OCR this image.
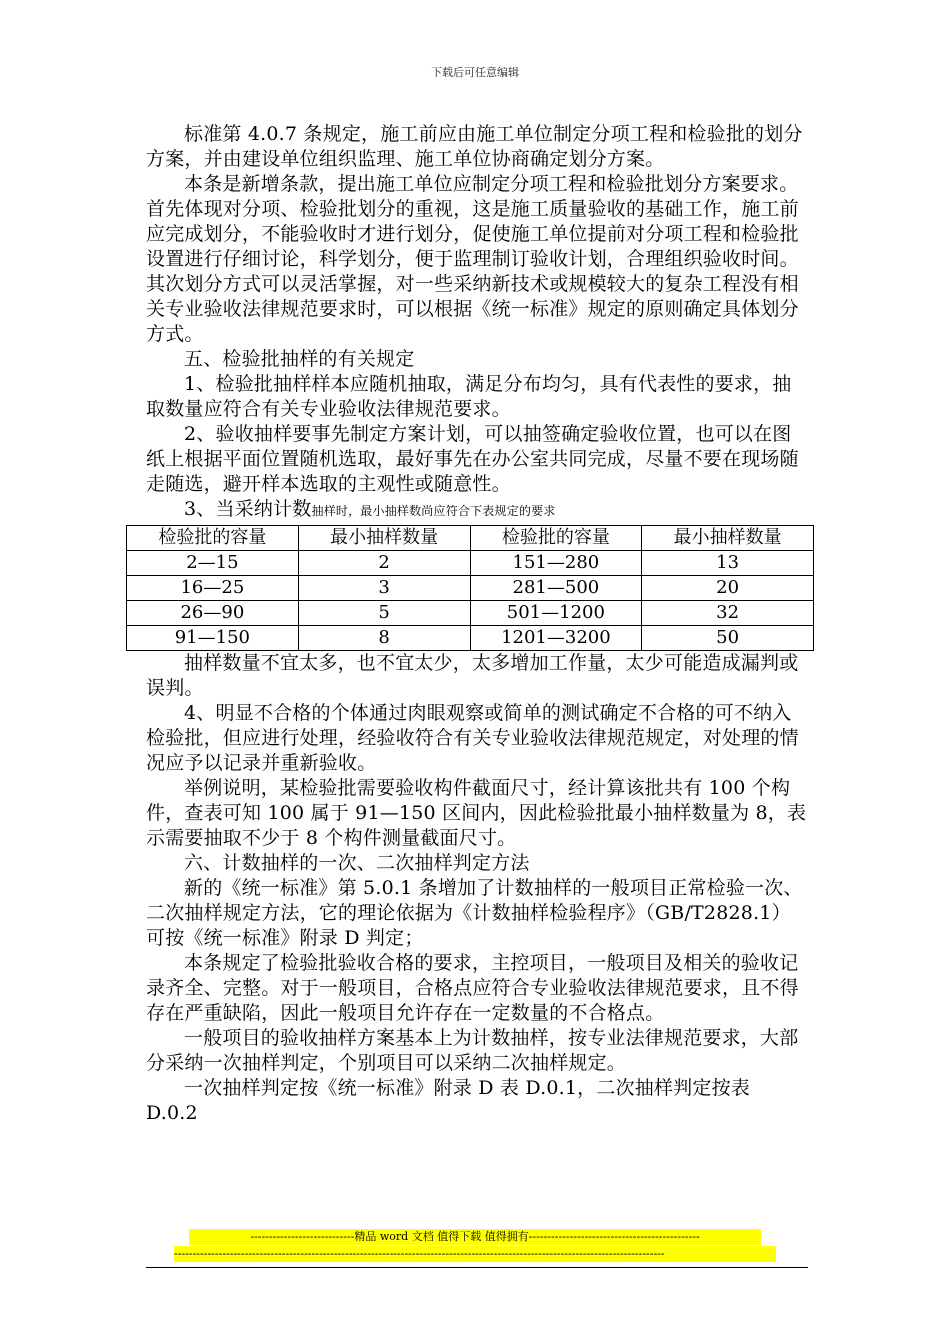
下载后可任意编辑

标准第 4.0.7 条规定，施工前应由施工单位制定分项工程和检验批的划分方案，并由建设单位组织监理、施工单位协商确定划分方案。

本条是新增条款，提出施工单位应制定分项工程和检验批划分方案要求。首先体现对分项、检验批划分的重视，这是施工质量验收的基础工作，施工前应完成划分，不能验收时才进行划分，促使施工单位提前对分项工程和检验批设置进行仔细讨论，科学划分，便于监理制订验收计划，合理组织验收时间。其次划分方式可以灵活掌握，对一些采纳新技术或规模较大的复杂工程没有相关专业验收法律规范要求时，可以根据《统一标准》规定的原则确定具体划分方式。

五、检验批抽样的有关规定

1、检验批抽样样本应随机抽取，满足分布均匀，具有代表性的要求，抽取数量应符合有关专业验收法律规范要求。

2、验收抽样要事先制定方案计划，可以抽签确定验收位置，也可以在图纸上根据平面位置随机选取，最好事先在办公室共同完成，尽量不要在现场随走随选，避开样本选取的主观性或随意性。

3、当采纳计数抽样时，最小抽样数尚应符合下表规定的要求

检验批的容量	最小抽样数量	检验批的容量	最小抽样数量
2—15	2	151—280	13
16—25	3	281—500	20
26—90	5	501—1200	32
91—150	8	1201—3200	50

抽样数量不宜太多，也不宜太少，太多增加工作量，太少可能造成漏判或误判。

4、明显不合格的个体通过肉眼观察或简单的测试确定不合格的可不纳入检验批，但应进行处理，经验收符合有关专业验收法律规范规定，对处理的情况应予以记录并重新验收。

举例说明，某检验批需要验收构件截面尺寸，经计算该批共有 100 个构件，查表可知 100 属于 91—150 区间内，因此检验批最小抽样数量为 8，表示需要抽取不少于 8 个构件测量截面尺寸。

六、计数抽样的一次、二次抽样判定方法

新的《统一标准》第 5.0.1 条增加了计数抽样的一般项目正常检验一次、二次抽样规定方法，它的理论依据为《计数抽样检验程序》（GB/T2828.1）可按《统一标准》附录 D 判定；

本条规定了检验批验收合格的要求，主控项目，一般项目及相关的验收记录齐全、完整。对于一般项目，合格点应符合专业验收法律规范要求，且不得存在严重缺陷，因此一般项目允许存在一定数量的不合格点。

一般项目的验收抽样方案基本上为计数抽样，按专业法律规范要求，大部分采纳一次抽样判定，个别项目可以采纳二次抽样规定。

一次抽样判定按《统一标准》附录 D 表 D.0.1，二次抽样判定按表 D.0.2

----------------------------精品 word 文档 值得下载 值得拥有----------------------------------------------
------------------------------------------------------------------------------------------------------------------------------------
